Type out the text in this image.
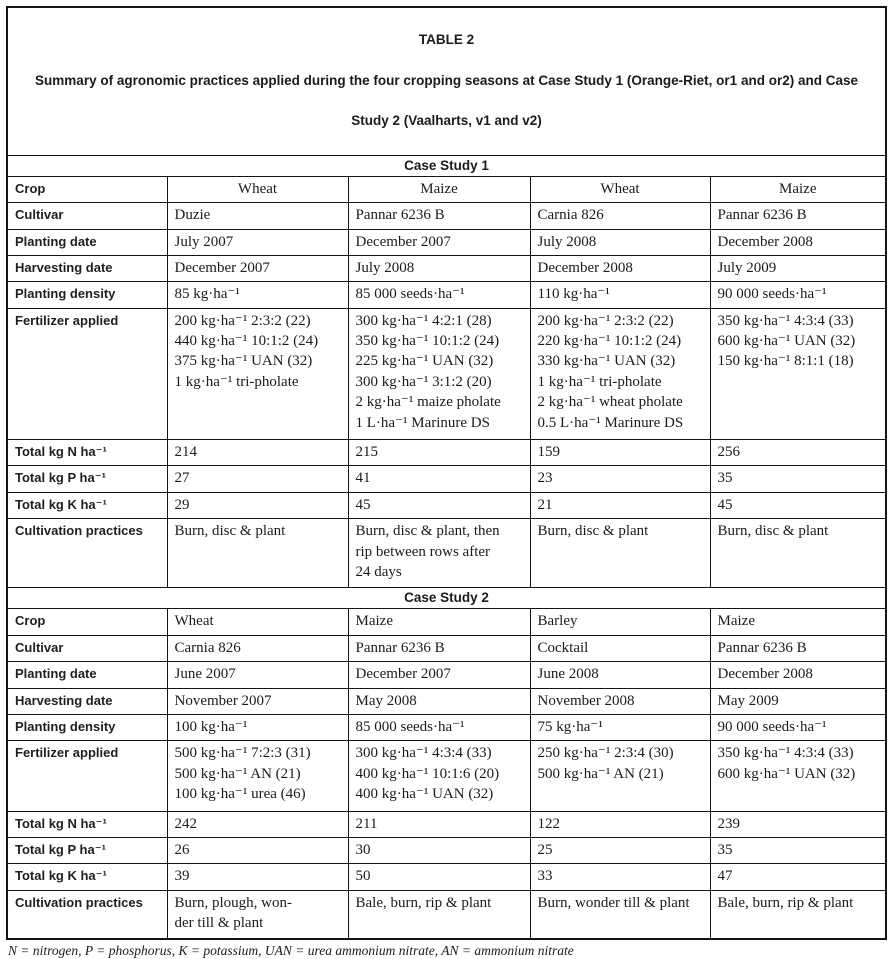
TABLE 2

Summary of agronomic practices applied during the four cropping seasons at Case Study 1 (Orange-Riet, or1 and or2) and Case

Study 2 (Vaalharts, v1 and v2)				

Case Study 1				
Crop	Wheat	Maize	Wheat	Maize
Cultivar	Duzie	Pannar 6236 B	Carnia 826	Pannar 6236 B
Planting date	July 2007	December 2007	July 2008	December 2008
Harvesting date	December 2007	July 2008	December 2008	July 2009
Planting density	85 kg·ha⁻¹	85 000 seeds·ha⁻¹	110 kg·ha⁻¹	90 000 seeds·ha⁻¹
Fertilizer applied	200 kg·ha⁻¹ 2:3:2 (22)
440 kg·ha⁻¹ 10:1:2 (24)
375 kg·ha⁻¹ UAN (32)
1 kg·ha⁻¹ tri-pholate	300 kg·ha⁻¹ 4:2:1 (28)
350 kg·ha⁻¹ 10:1:2 (24)
225 kg·ha⁻¹ UAN (32)
300 kg·ha⁻¹ 3:1:2 (20)
2 kg·ha⁻¹ maize pholate
1 L·ha⁻¹ Marinure DS	200 kg·ha⁻¹ 2:3:2 (22)
220 kg·ha⁻¹ 10:1:2 (24)
330 kg·ha⁻¹ UAN (32)
1 kg·ha⁻¹ tri-pholate
2 kg·ha⁻¹ wheat pholate
0.5 L·ha⁻¹ Marinure DS	350 kg·ha⁻¹ 4:3:4 (33)
600 kg·ha⁻¹ UAN (32)
150 kg·ha⁻¹ 8:1:1 (18)
Total kg N ha⁻¹	214	215	159	256
Total kg P ha⁻¹	27	41	23	35
Total kg K ha⁻¹	29	45	21	45
Cultivation practices	Burn, disc & plant	Burn, disc & plant, then
rip between rows after
24 days	Burn, disc & plant	Burn, disc & plant
Case Study 2				
Crop	Wheat	Maize	Barley	Maize
Cultivar	Carnia 826	Pannar 6236 B	Cocktail	Pannar 6236 B
Planting date	June 2007	December 2007	June 2008	December 2008
Harvesting date	November 2007	May 2008	November 2008	May 2009
Planting density	100 kg·ha⁻¹	85 000 seeds·ha⁻¹	75 kg·ha⁻¹	90 000 seeds·ha⁻¹
Fertilizer applied	500 kg·ha⁻¹ 7:2:3 (31)
500 kg·ha⁻¹ AN (21)
100 kg·ha⁻¹ urea (46)	300 kg·ha⁻¹ 4:3:4 (33)
400 kg·ha⁻¹ 10:1:6 (20)
400 kg·ha⁻¹ UAN (32)	250 kg·ha⁻¹ 2:3:4 (30)
500 kg·ha⁻¹ AN (21)	350 kg·ha⁻¹ 4:3:4 (33)
600 kg·ha⁻¹ UAN (32)
Total kg N ha⁻¹	242	211	122	239
Total kg P ha⁻¹	26	30	25	35
Total kg K ha⁻¹	39	50	33	47
Cultivation practices	Burn, plough, won-
der till & plant	Bale, burn, rip & plant	Burn, wonder till & plant	Bale, burn, rip & plant
N = nitrogen, P = phosphorus, K = potassium, UAN = urea ammonium nitrate, AN = ammonium nitrate
